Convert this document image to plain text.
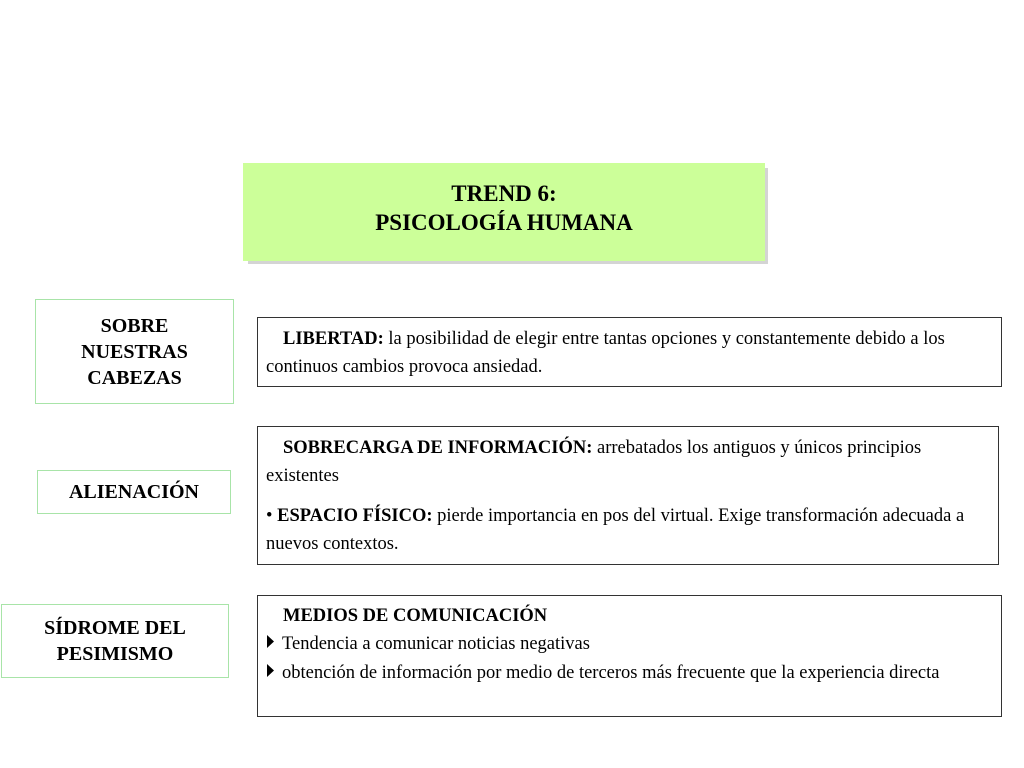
TREND 6:
PSICOLOGÍA HUMANA
SOBRE
NUESTRAS
CABEZAS
ALIENACIÓN
SÍDROME DEL
PESIMISMO

LIBERTAD: la posibilidad de elegir entre tantas opciones y constantemente debido a los continuos cambios provoca ansiedad.

SOBRECARGA DE INFORMACIÓN: arrebatados los antiguos y únicos principios existentes

• ESPACIO FÍSICO: pierde importancia en pos del virtual. Exige transformación adecuada a nuevos contextos.

MEDIOS DE COMUNICACIÓN
Tendencia a comunicar noticias negativas
obtención de información por medio de terceros más frecuente que la experiencia directa
